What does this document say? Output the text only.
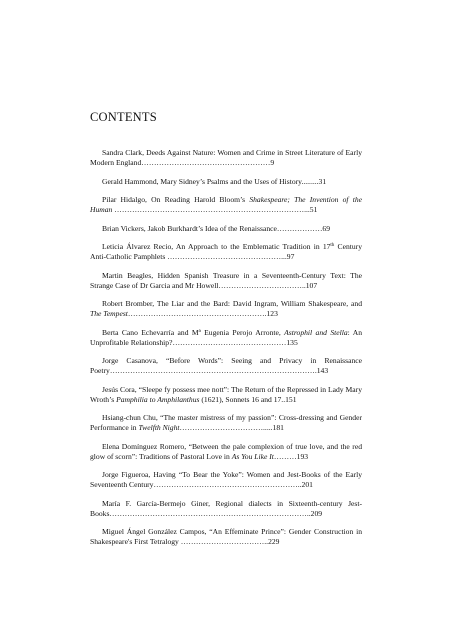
CONTENTS

Sandra Clark, Deeds Against Nature: Women and Crime in Street Literature of Early Modern England……………………………………………9

Gerald Hammond, Mary Sidney’s Psalms and the Uses of History.........31

Pilar Hidalgo, On Reading Harold Bloom’s Shakespeare; The Invention of the Human …………………………………………………………………...51

Brian Vickers, Jakob Burkhardt’s Idea of the Renaissance………………69

Leticia Álvarez Recio, An Approach to the Emblematic Tradition in 17th Century Anti-Catholic Pamphlets ………………………………………...97

Martin Beagles, Hidden Spanish Treasure in a Seventeenth-Century Text: The Strange Case of Dr Garcia and Mr Howell……………………………..107

Robert Bromber, The Liar and the Bard: David Ingram, William Shakespeare, and The Tempest……………………………………………….123

Berta Cano Echevarría and Mª Eugenia Perojo Arronte, Astrophil and Stella: An Unprofitable Relationship?………………………………………135

Jorge Casanova, “Before Words”: Seeing and Privacy in Renaissance Poetry……………………………………………………………………….143

Jesús Cora, “Sleepe fy possess mee nott”: The Return of the Repressed in Lady Mary Wroth’s Pamphilia to Amphilanthus (1621), Sonnets 16 and 17..151

Hsiang-chun Chu, “The master mistress of my passion”: Cross-dressing and Gender Performance in Twelfth Night…………………………….....181

Elena Domínguez Romero, “Between the pale complexion of true love, and the red glow of scorn”: Traditions of Pastoral Love in As You Like It………193

Jorge Figueroa, Having “To Bear the Yoke”: Women and Jest-Books of the Early Seventeenth Century…………………………………………………..201

María F. García-Bermejo Giner, Regional dialects in Sixteenth-century Jest-Books……………………………………………………………………..209

Miguel Ángel González Campos, “An Effeminate Prince”: Gender Construction in Shakespeare's First Tetralogy ……………………………..229
